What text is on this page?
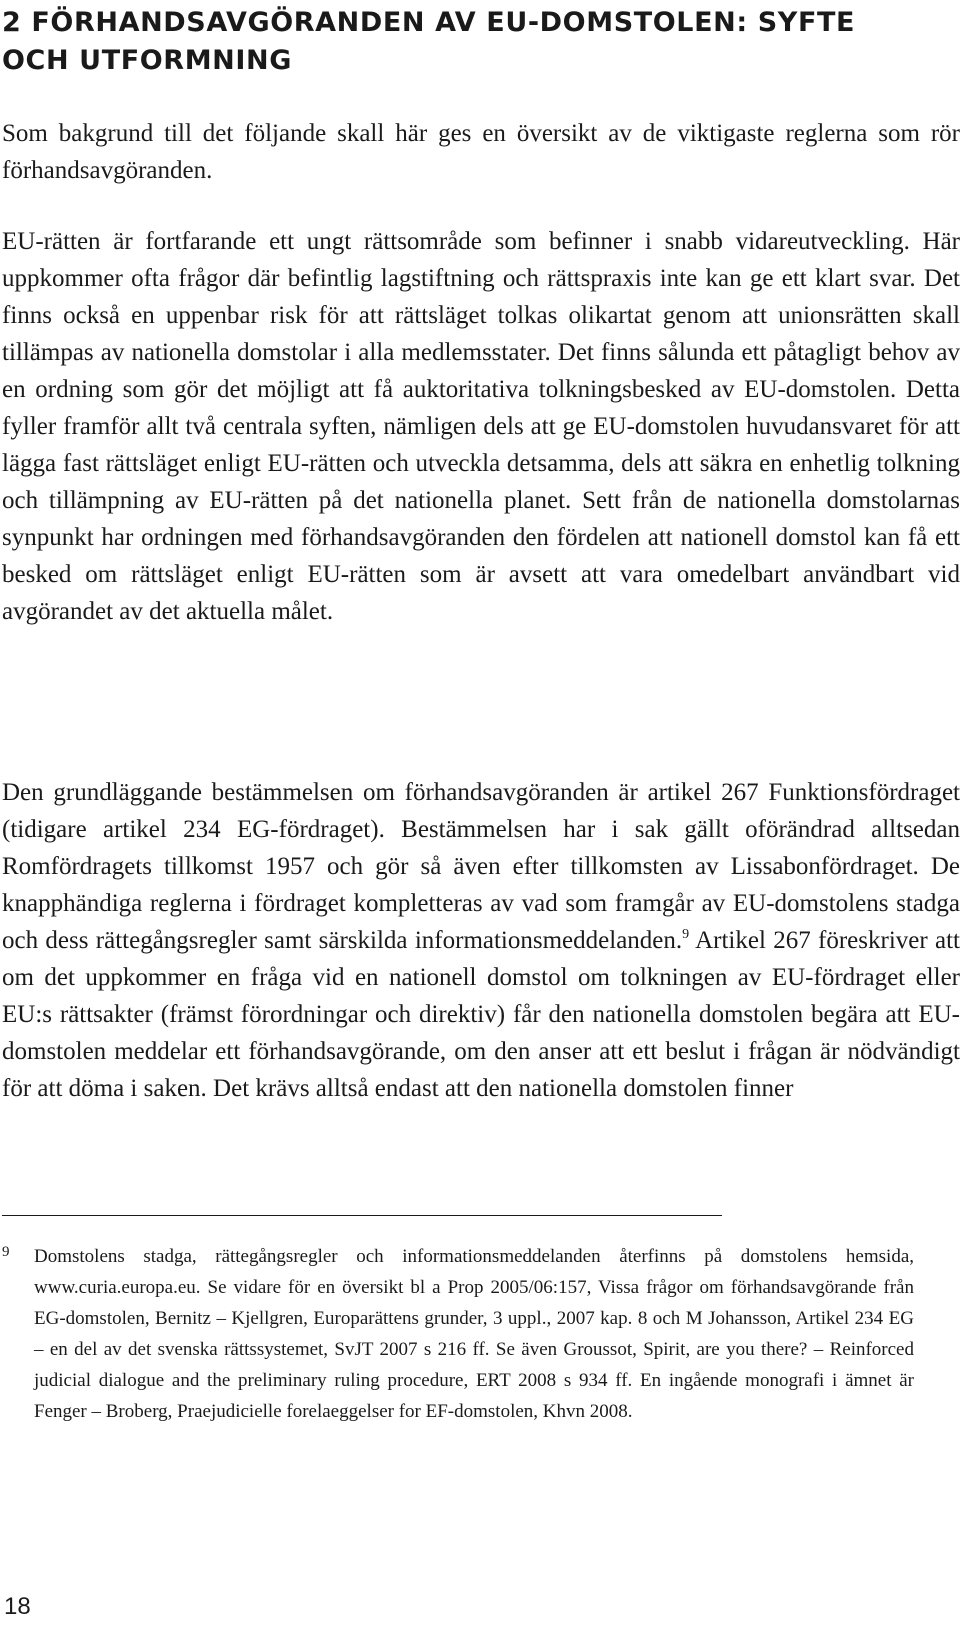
2 FÖRHANDSAVGÖRANDEN AV EU-DOMSTOLEN: SYFTE
OCH UTFORMNING

Som bakgrund till det följande skall här ges en översikt av de viktigaste reglerna som rör förhandsavgöranden.

EU-rätten är fortfarande ett ungt rättsområde som befinner i snabb vidareutveckling. Här uppkommer ofta frågor där befintlig lagstiftning och rättspraxis inte kan ge ett klart svar. Det finns också en uppenbar risk för att rättsläget tolkas olikartat genom att unionsrätten skall tillämpas av nationella domstolar i alla medlemsstater. Det finns sålunda ett påtagligt behov av en ordning som gör det möjligt att få auktoritativa tolkningsbesked av EU-domstolen. Detta fyller framför allt två centrala syften, nämligen dels att ge EU-domstolen huvudansvaret för att lägga fast rättsläget enligt EU-rätten och utveckla detsamma, dels att säkra en enhetlig tolkning och tillämpning av EU-rätten på det nationella planet. Sett från de nationella domstolarnas synpunkt har ordningen med förhandsavgöranden den fördelen att nationell domstol kan få ett besked om rättsläget enligt EU-rätten som är avsett att vara omedelbart användbart vid avgörandet av det aktuella målet.

Den grundläggande bestämmelsen om förhandsavgöranden är artikel 267 Funktionsfördraget (tidigare artikel 234 EG-fördraget). Bestämmelsen har i sak gällt oförändrad alltsedan Romfördragets tillkomst 1957 och gör så även efter tillkomsten av Lissabonfördraget. De knapphändiga reglerna i fördraget kompletteras av vad som framgår av EU-domstolens stadga och dess rättegångsregler samt särskilda informationsmeddelanden.$^9$ Artikel 267 föreskriver att om det uppkommer en fråga vid en nationell domstol om tolkningen av EU-fördraget eller EU:s rättsakter (främst förordningar och direktiv) får den nationella domstolen begära att EU-domstolen meddelar ett förhandsavgörande, om den anser att ett beslut i frågan är nödvändigt för att döma i saken. Det krävs alltså endast att den nationella domstolen finner

9 Domstolens stadga, rättegångsregler och informationsmeddelanden återfinns på domstolens hemsida, www.curia.europa.eu. Se vidare för en översikt bl a Prop 2005/06:157, Vissa frågor om förhandsavgörande från EG-domstolen, Bernitz – Kjellgren, Europarättens grunder, 3 uppl., 2007 kap. 8 och M Johansson, Artikel 234 EG – en del av det svenska rättssystemet, SvJT 2007 s 216 ff. Se även Groussot, Spirit, are you there? – Reinforced judicial dialogue and the preliminary ruling procedure, ERT 2008 s 934 ff. En ingående monografi i ämnet är Fenger – Broberg, Praejudicielle forelaeggelser for EF-domstolen, Khvn 2008.

18
